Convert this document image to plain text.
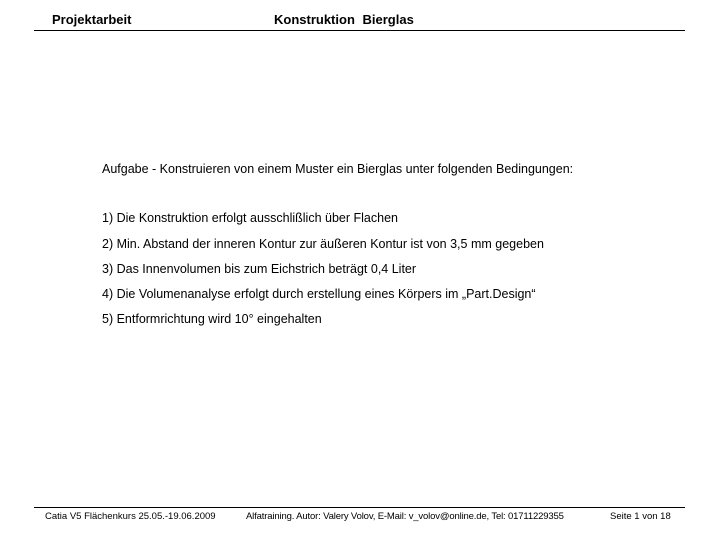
Projektarbeit	Konstruktion Bierglas
Aufgabe - Konstruieren von einem Muster ein Bierglas unter folgenden Bedingungen:
1) Die Konstruktion erfolgt ausschlißlich über Flachen
2) Min. Abstand der inneren Kontur zur äußeren Kontur ist von 3,5 mm gegeben
3) Das Innenvolumen bis zum Eichstrich beträgt 0,4 Liter
4) Die Volumenanalyse erfolgt durch erstellung eines Körpers im „Part.Design“
5) Entformrichtung wird 10° eingehalten
Catia V5 Flächenkurs 25.05.-19.06.2009	Alfatraining. Autor: Valery Volov, E-Mail: v_volov@online.de, Tel: 01711229355	Seite 1 von 18
